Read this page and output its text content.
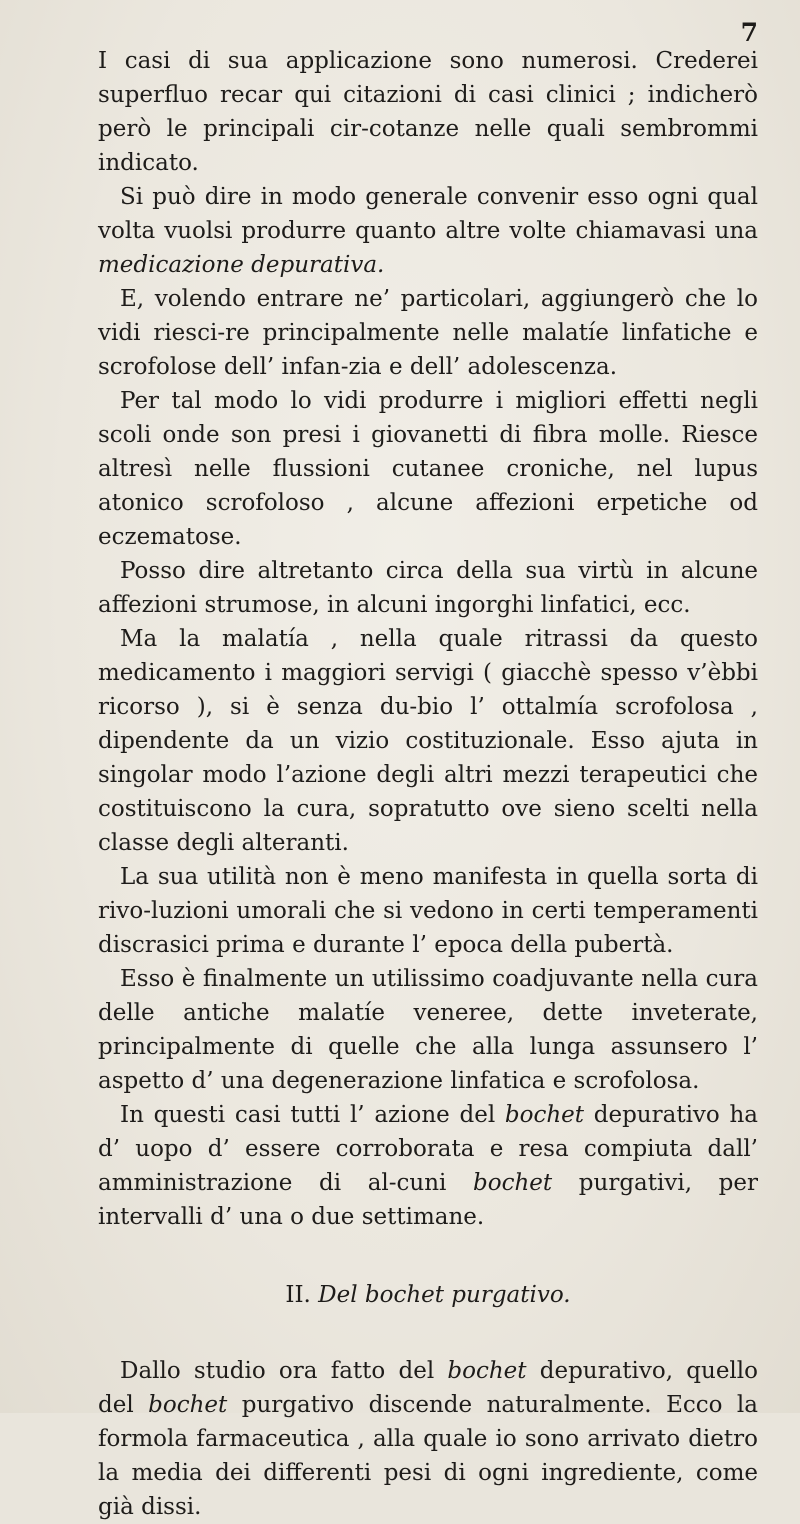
7

I casi di sua applicazione sono numerosi. Crederei superfluo recar qui citazioni di casi clinici ; indicherò però le principali cir-cotanze nelle quali sembrommi indicato.

Si può dire in modo generale convenir esso ogni qual volta vuolsi produrre quanto altre volte chiamavasi una medicazione depurativa.

E, volendo entrare ne’ particolari, aggiungerò che lo vidi riesci-re principalmente nelle malatíe linfatiche e scrofolose dell’ infan-zia e dell’ adolescenza.

Per tal modo lo vidi produrre i migliori effetti negli scoli onde son presi i giovanetti di fibra molle. Riesce altresì nelle flussioni cutanee croniche, nel lupus atonico scrofoloso , alcune affezioni erpetiche od eczematose.

Posso dire altretanto circa della sua virtù in alcune affezioni strumose, in alcuni ingorghi linfatici, ecc.

Ma la malatía , nella quale ritrassi da questo medicamento i maggiori servigi ( giacchè spesso v’èbbi ricorso ), si è senza du-bio l’ ottalmía scrofolosa , dipendente da un vizio costituzionale. Esso ajuta in singolar modo l’azione degli altri mezzi terapeutici che costituiscono la cura, sopratutto ove sieno scelti nella classe degli alteranti.

La sua utilità non è meno manifesta in quella sorta di rivo-luzioni umorali che si vedono in certi temperamenti discrasici prima e durante l’ epoca della pubertà.

Esso è finalmente un utilissimo coadjuvante nella cura delle antiche malatíe veneree, dette inveterate, principalmente di quelle che alla lunga assunsero l’ aspetto d’ una degenerazione linfatica e scrofolosa.

In questi casi tutti l’ azione del bochet depurativo ha d’ uopo d’ essere corroborata e resa compiuta dall’ amministrazione di al-cuni bochet purgativi, per intervalli d’ una o due settimane.

II. Del bochet purgativo.

Dallo studio ora fatto del bochet depurativo, quello del bochet purgativo discende naturalmente. Ecco la formola farmaceutica , alla quale io sono arrivato dietro la media dei differenti pesi di ogni ingrediente, come già dissi.
